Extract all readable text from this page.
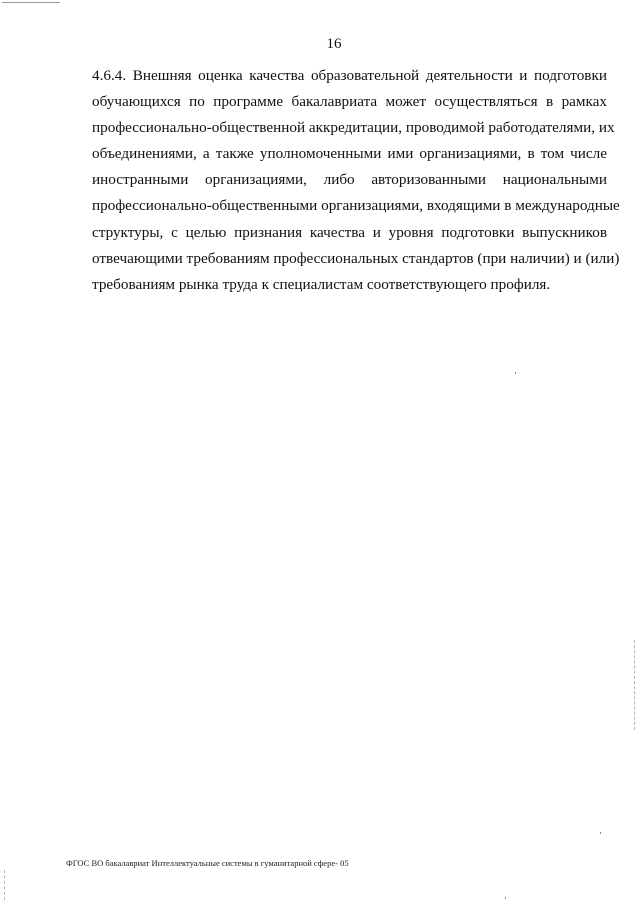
16
4.6.4. Внешняя оценка качества образовательной деятельности и подготовки
обучающихся по программе бакалавриата может осуществляться в рамках
профессионально-общественной аккредитации, проводимой работодателями, их
объединениями, а также уполномоченными ими организациями, в том числе
иностранными организациями, либо авторизованными национальными
профессионально-общественными организациями, входящими в международные
структуры, с целью признания качества и уровня подготовки выпускников
отвечающими требованиям профессиональных стандартов (при наличии) и (или)
требованиям рынка труда к специалистам соответствующего профиля.
ФГОС ВО бакалавриат Интеллектуальные системы в гуманитарной сфере- 05
